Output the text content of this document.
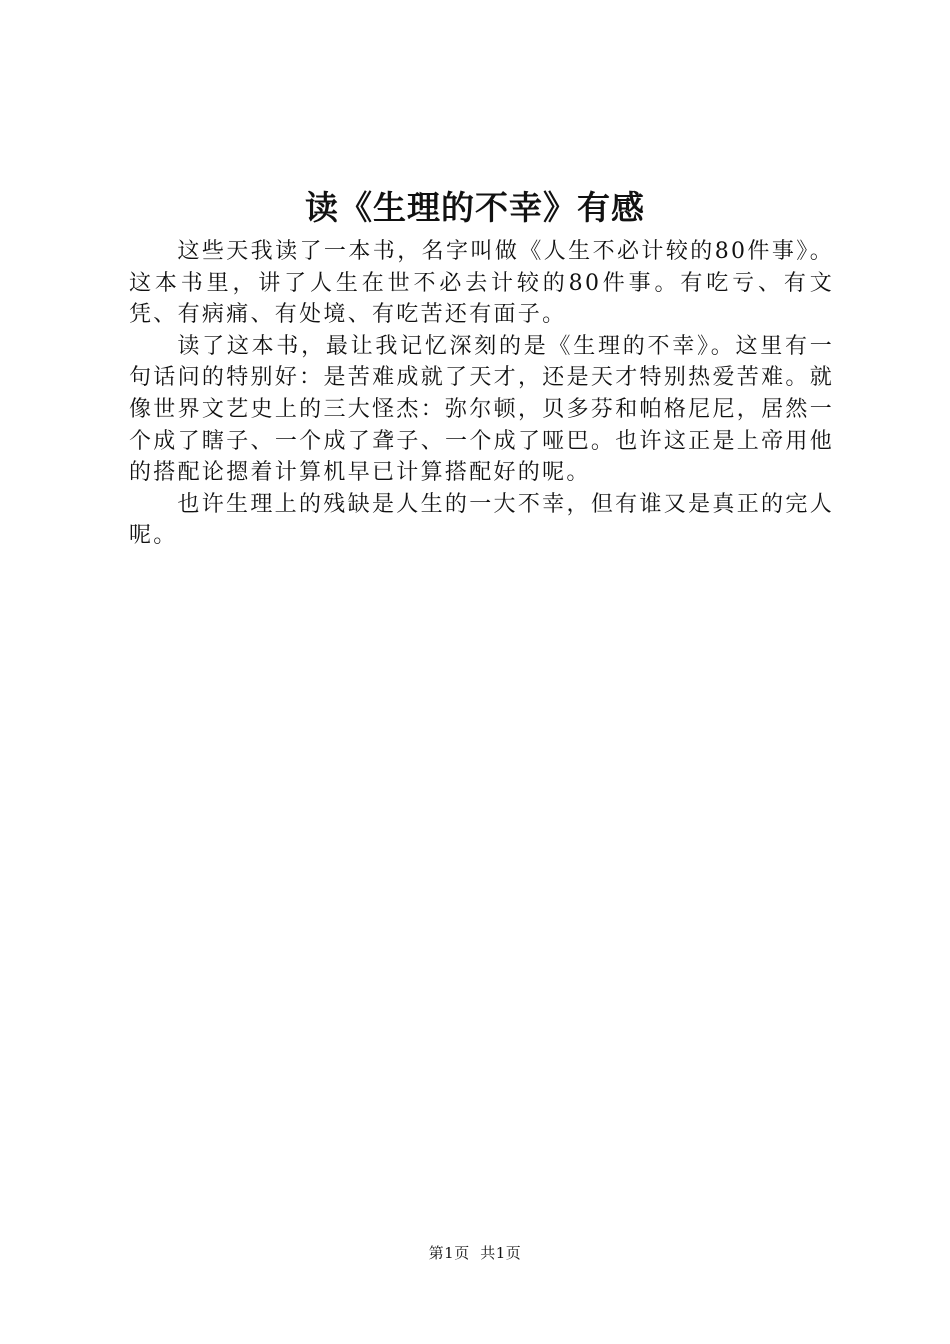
读《生理的不幸》有感

这些天我读了一本书，名字叫做《人生不必计较的80件事》。这本书里，讲了人生在世不必去计较的80件事。有吃亏、有文凭、有病痛、有处境、有吃苦还有面子。

读了这本书，最让我记忆深刻的是《生理的不幸》。这里有一句话问的特别好：是苦难成就了天才，还是天才特别热爱苦难。就像世界文艺史上的三大怪杰：弥尔顿，贝多芬和帕格尼尼，居然一个成了瞎子、一个成了聋子、一个成了哑巴。也许这正是上帝用他的搭配论摁着计算机早已计算搭配好的呢。

也许生理上的残缺是人生的一大不幸，但有谁又是真正的完人呢。

第1页 共1页
